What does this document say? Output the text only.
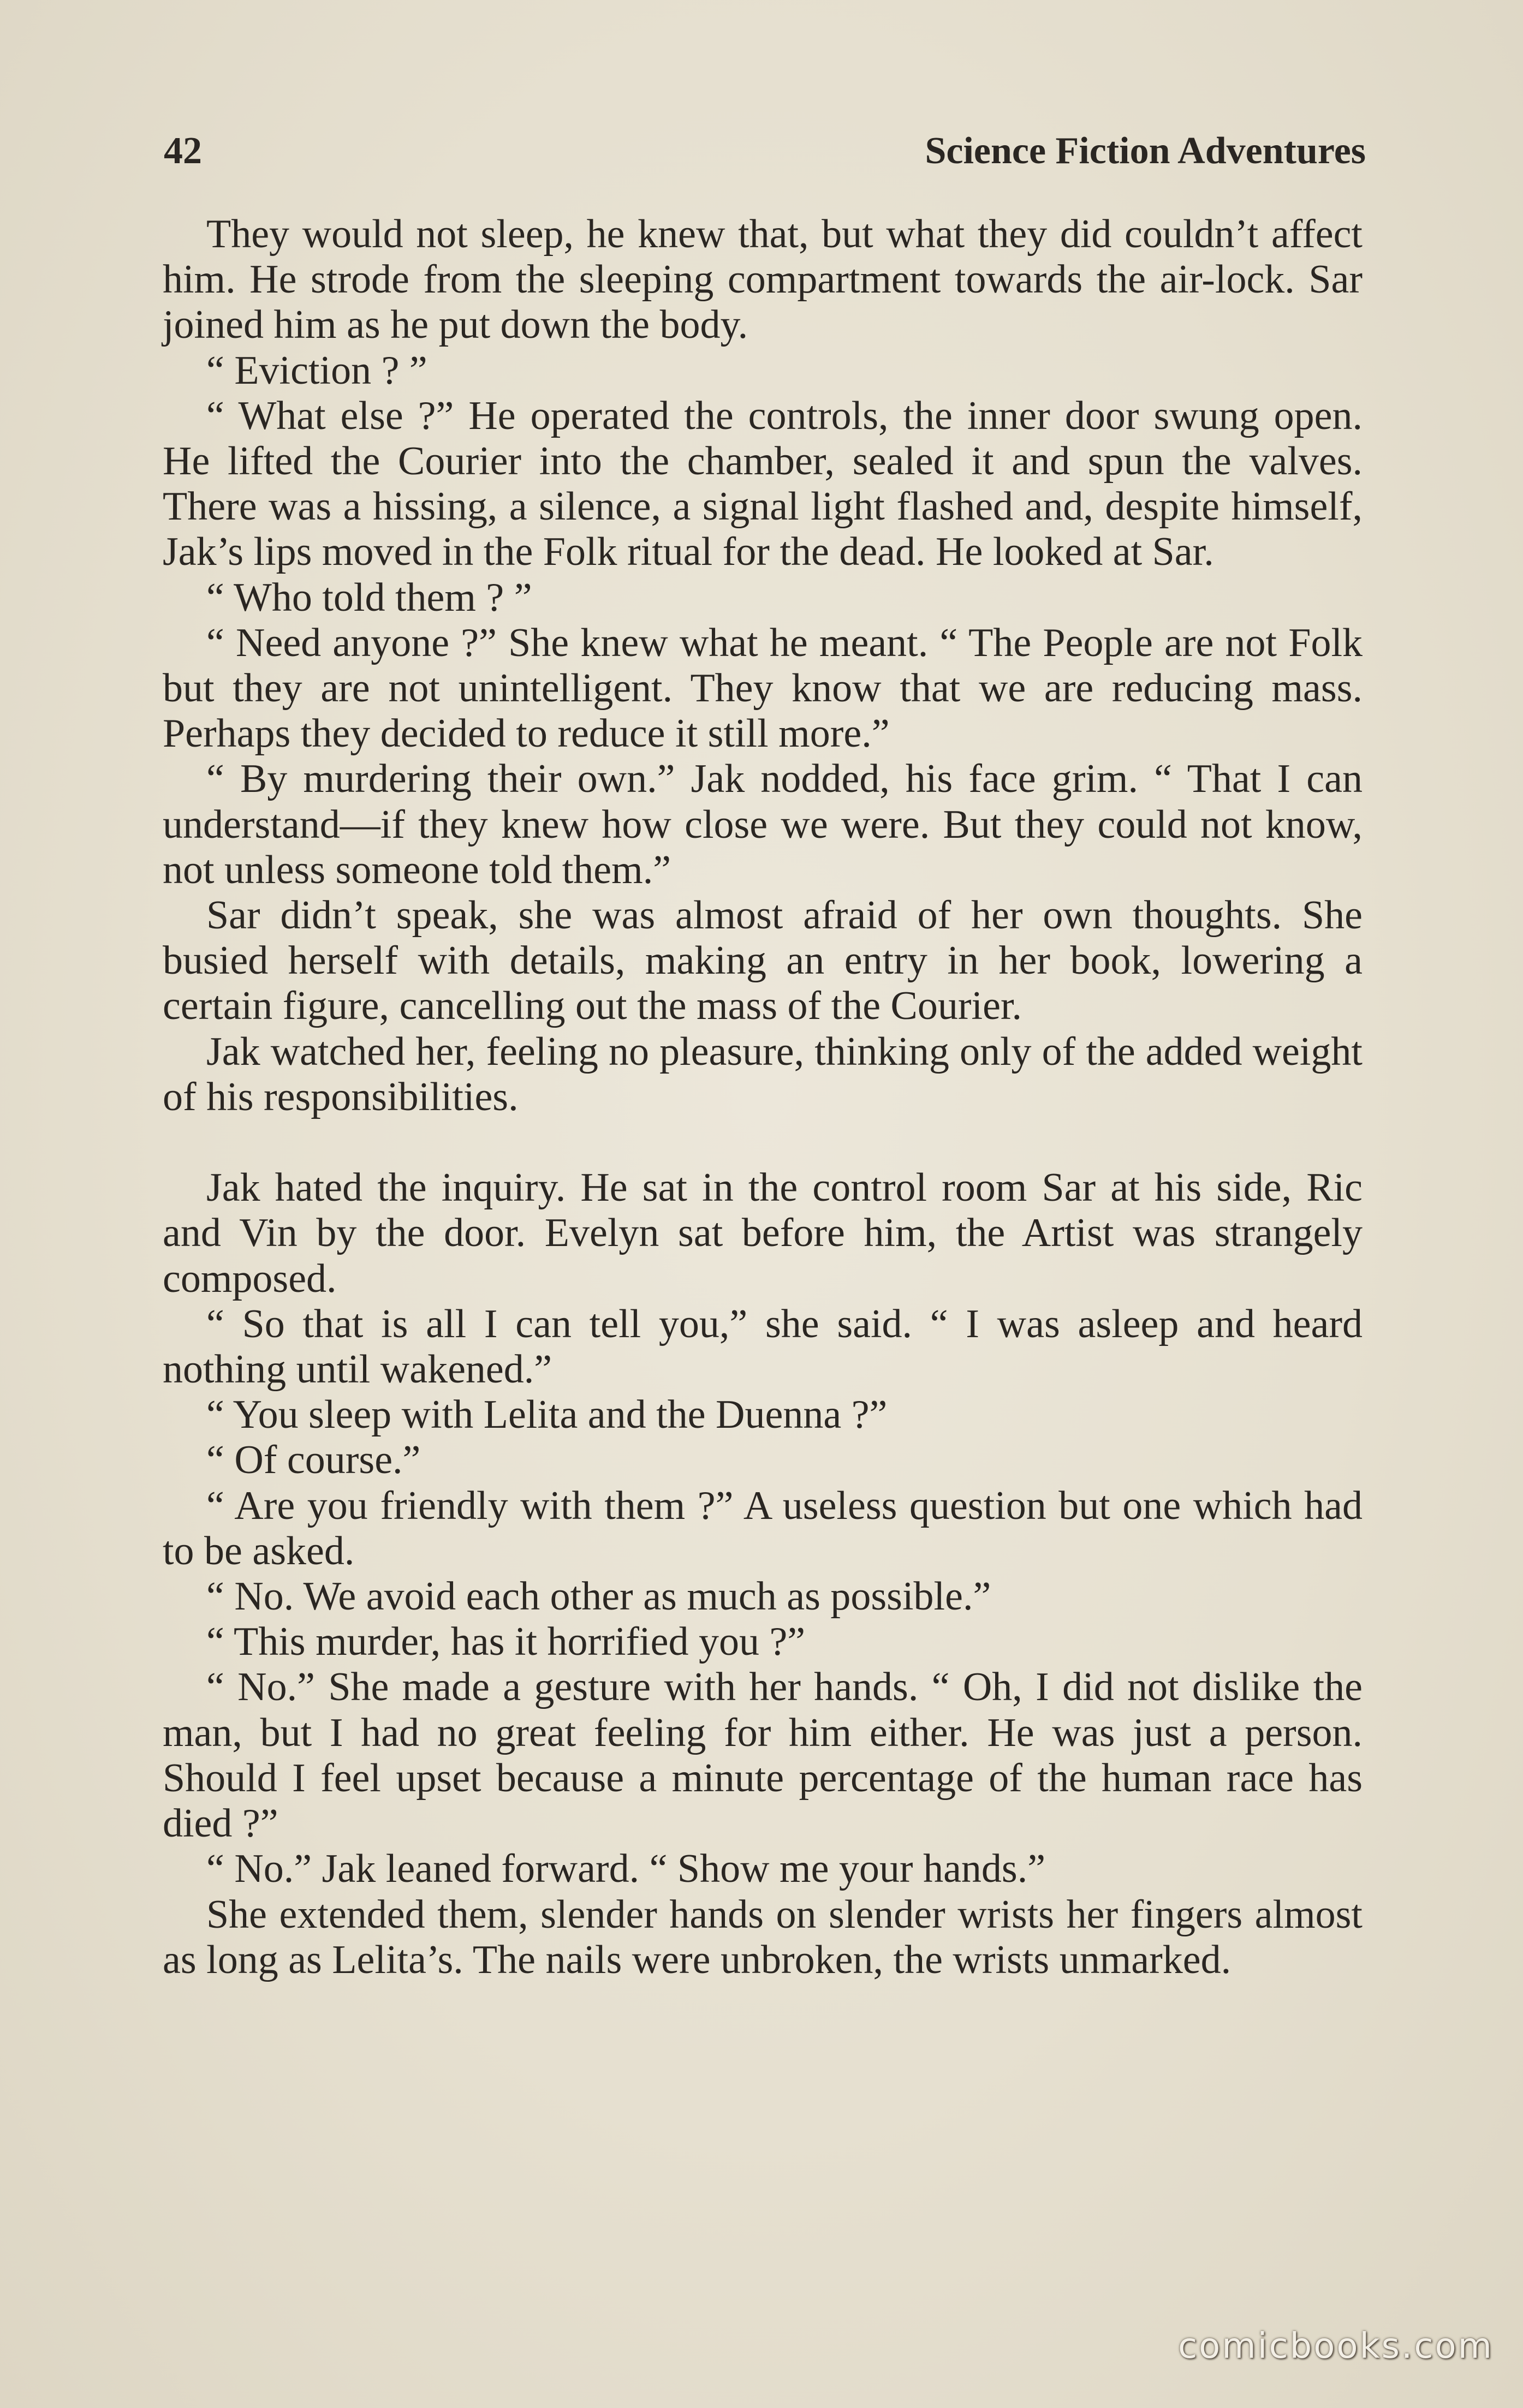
42	Science Fiction Adventures

They would not sleep, he knew that, but what they did couldn’t affect him. He strode from the sleeping compartment towards the air-lock. Sar joined him as he put down the body.

“ Eviction ? ”

“ What else ?” He operated the controls, the inner door swung open. He lifted the Courier into the chamber, sealed it and spun the valves. There was a hissing, a silence, a signal light flashed and, despite himself, Jak’s lips moved in the Folk ritual for the dead. He looked at Sar.

“ Who told them ? ”

“ Need anyone ?” She knew what he meant. “ The People are not Folk but they are not unintelligent. They know that we are reducing mass. Perhaps they decided to reduce it still more.”

“ By murdering their own.” Jak nodded, his face grim. “ That I can understand—if they knew how close we were. But they could not know, not unless someone told them.”

Sar didn’t speak, she was almost afraid of her own thoughts. She busied herself with details, making an entry in her book, lowering a certain figure, cancelling out the mass of the Courier.

Jak watched her, feeling no pleasure, thinking only of the added weight of his responsibilities.

Jak hated the inquiry. He sat in the control room Sar at his side, Ric and Vin by the door. Evelyn sat before him, the Artist was strangely composed.

“ So that is all I can tell you,” she said. “ I was asleep and heard nothing until wakened.”

“ You sleep with Lelita and the Duenna ?”

“ Of course.”

“ Are you friendly with them ?” A useless question but one which had to be asked.

“ No. We avoid each other as much as possible.”

“ This murder, has it horrified you ?”

“ No.” She made a gesture with her hands. “ Oh, I did not dislike the man, but I had no great feeling for him either. He was just a person. Should I feel upset because a minute percentage of the human race has died ?”

“ No.” Jak leaned forward. “ Show me your hands.”

She extended them, slender hands on slender wrists her fingers almost as long as Lelita’s. The nails were unbroken, the wrists unmarked.

comicbooks.com
